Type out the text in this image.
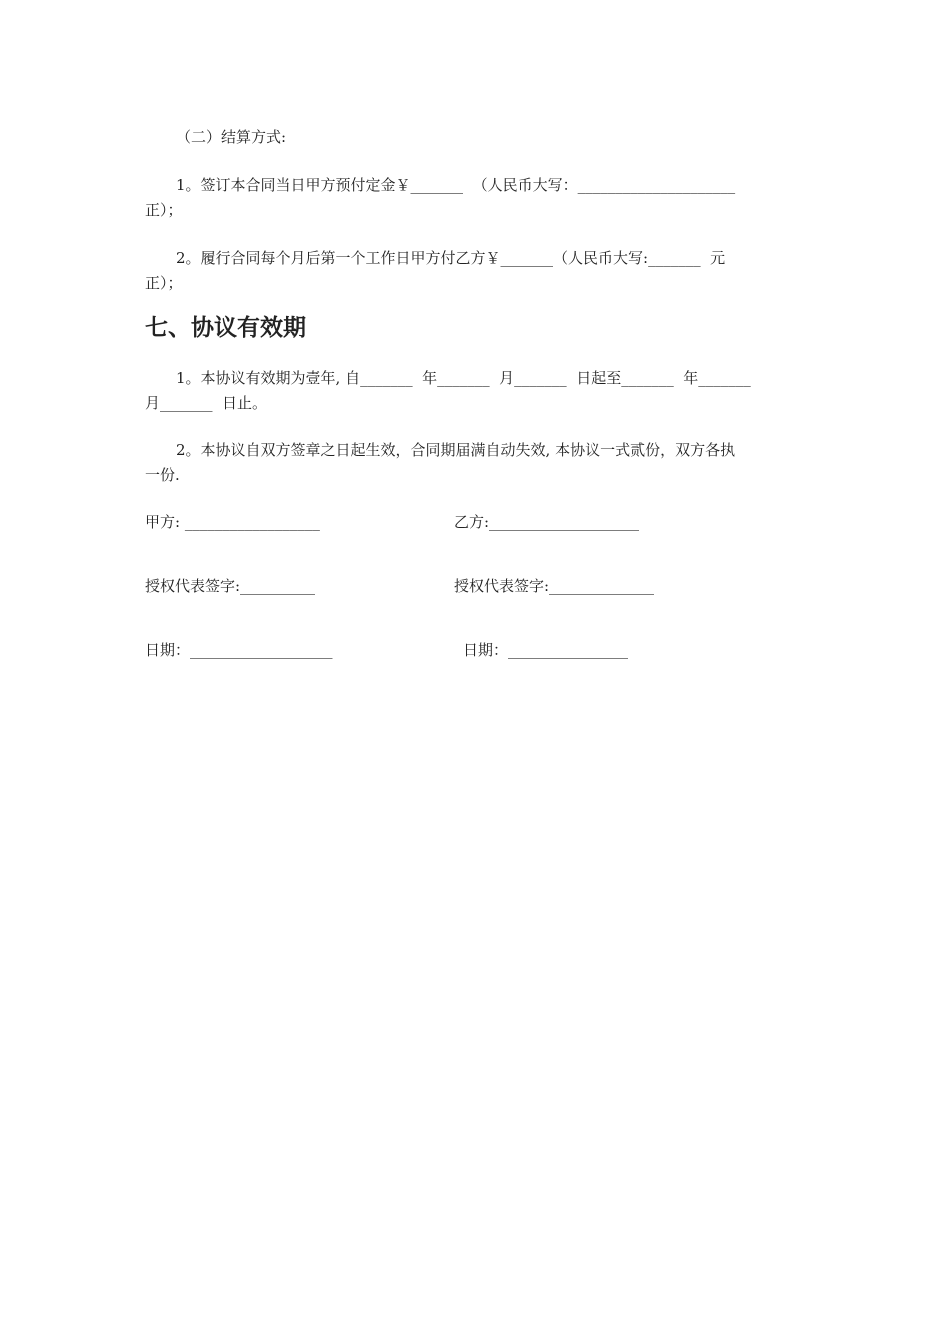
（二）结算方式:
1。签订本合同当日甲方预付定金￥_______  （人民币大写：_____________________
正）；
2。履行合同每个月后第一个工作日甲方付乙方￥_______（人民币大写:_______  元
正）；
七、协议有效期
1。本协议有效期为壹年, 自_______  年_______  月_______  日起至_______  年_______
月_______  日止。
2。本协议自双方签章之日起生效，合同期届满自动失效, 本协议一式贰份，双方各执
一份.
甲方: __________________	乙方:____________________
授权代表签字:__________	授权代表签字:______________
日期：___________________	日期：________________
